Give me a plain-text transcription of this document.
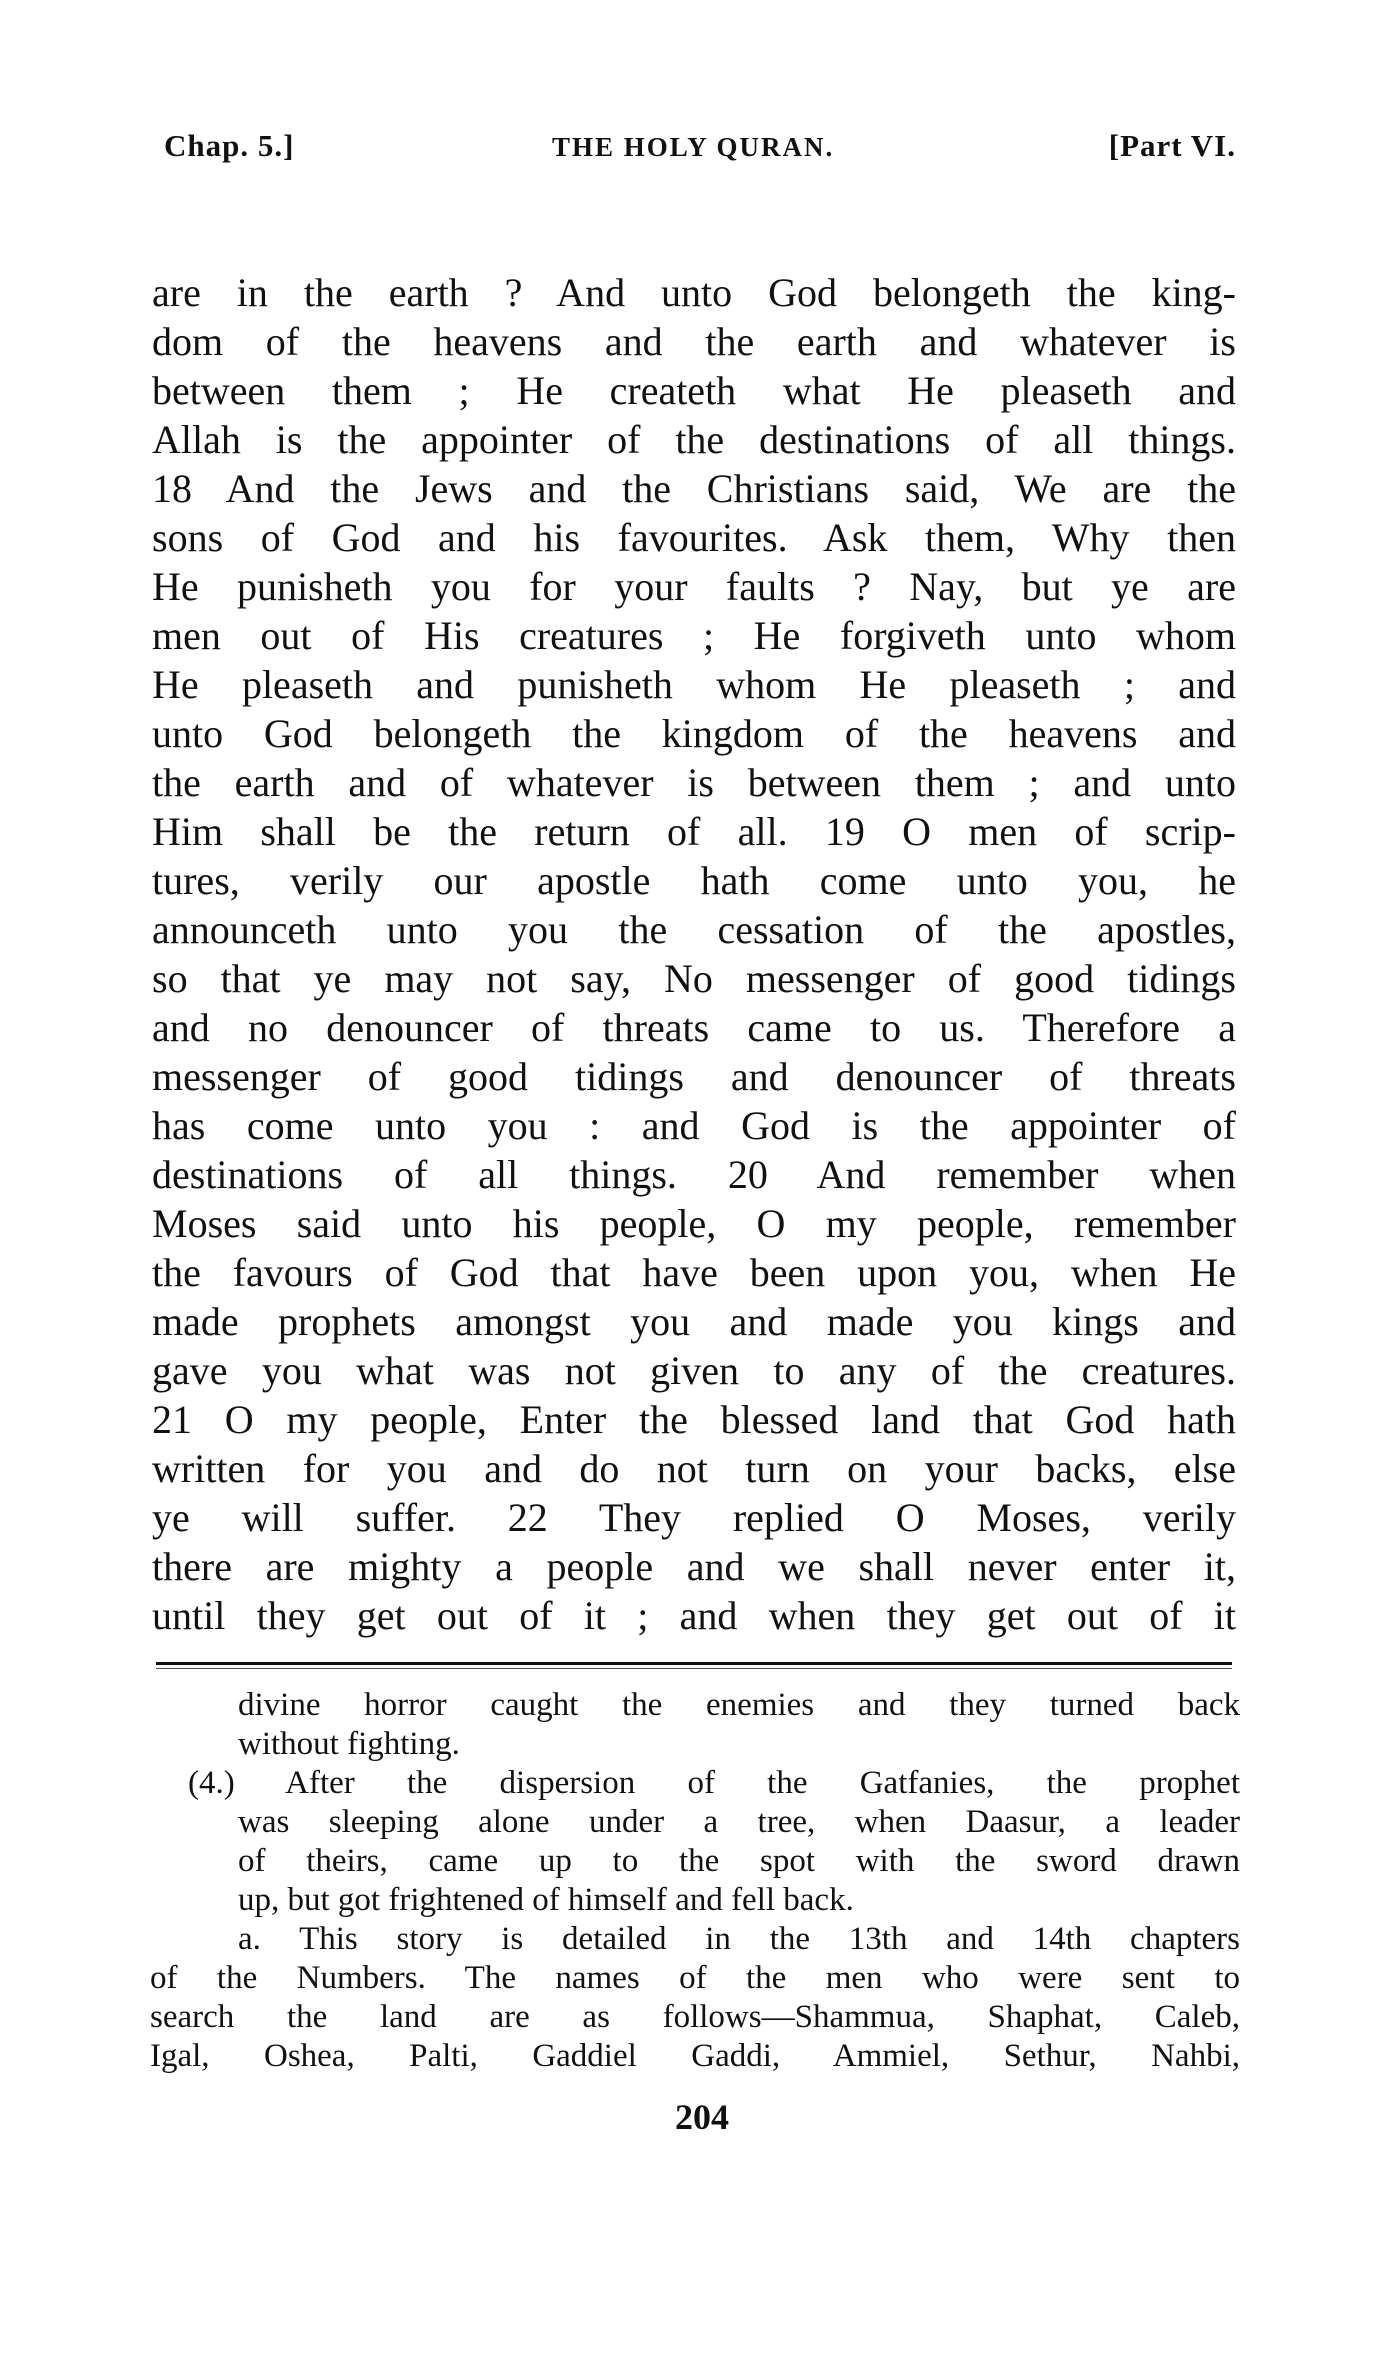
Chap. 5.]	THE HOLY QURAN.	[Part VI.
are in the earth ? And unto God belongeth the king-
dom of the heavens and the earth and whatever is
between them ; He createth what He pleaseth and
Allah is the appointer of the destinations of all things.
18 And the Jews and the Christians said, We are the
sons of God and his favourites. Ask them, Why then
He punisheth you for your faults ? Nay, but ye are
men out of His creatures ; He forgiveth unto whom
He pleaseth and punisheth whom He pleaseth ; and
unto God belongeth the kingdom of the heavens and
the earth and of whatever is between them ; and unto
Him shall be the return of all. 19 O men of scrip-
tures, verily our apostle hath come unto you, he
announceth unto you the cessation of the apostles,
so that ye may not say, No messenger of good tidings
and no denouncer of threats came to us. Therefore a
messenger of good tidings and denouncer of threats
has come unto you : and God is the appointer of
destinations of all things. 20 And remember when
Moses said unto his people, O my people, remember
the favours of God that have been upon you, when He
made prophets amongst you and made you kings and
gave you what was not given to any of the creatures.
21 O my people, Enter the blessed land that God hath
written for you and do not turn on your backs, else
ye will suffer. 22 They replied O Moses, verily
there are mighty a people and we shall never enter it,
until they get out of it ; and when they get out of it
divine horror caught the enemies and they turned back
without fighting.
(4.) After the dispersion of the Gatfanies, the prophet
was sleeping alone under a tree, when Daasur, a leader
of theirs, came up to the spot with the sword drawn
up, but got frightened of himself and fell back.
a. This story is detailed in the 13th and 14th chapters
of the Numbers. The names of the men who were sent to
search the land are as follows—Shammua, Shaphat, Caleb,
Igal, Oshea, Palti, Gaddiel Gaddi, Ammiel, Sethur, Nahbi,
204
